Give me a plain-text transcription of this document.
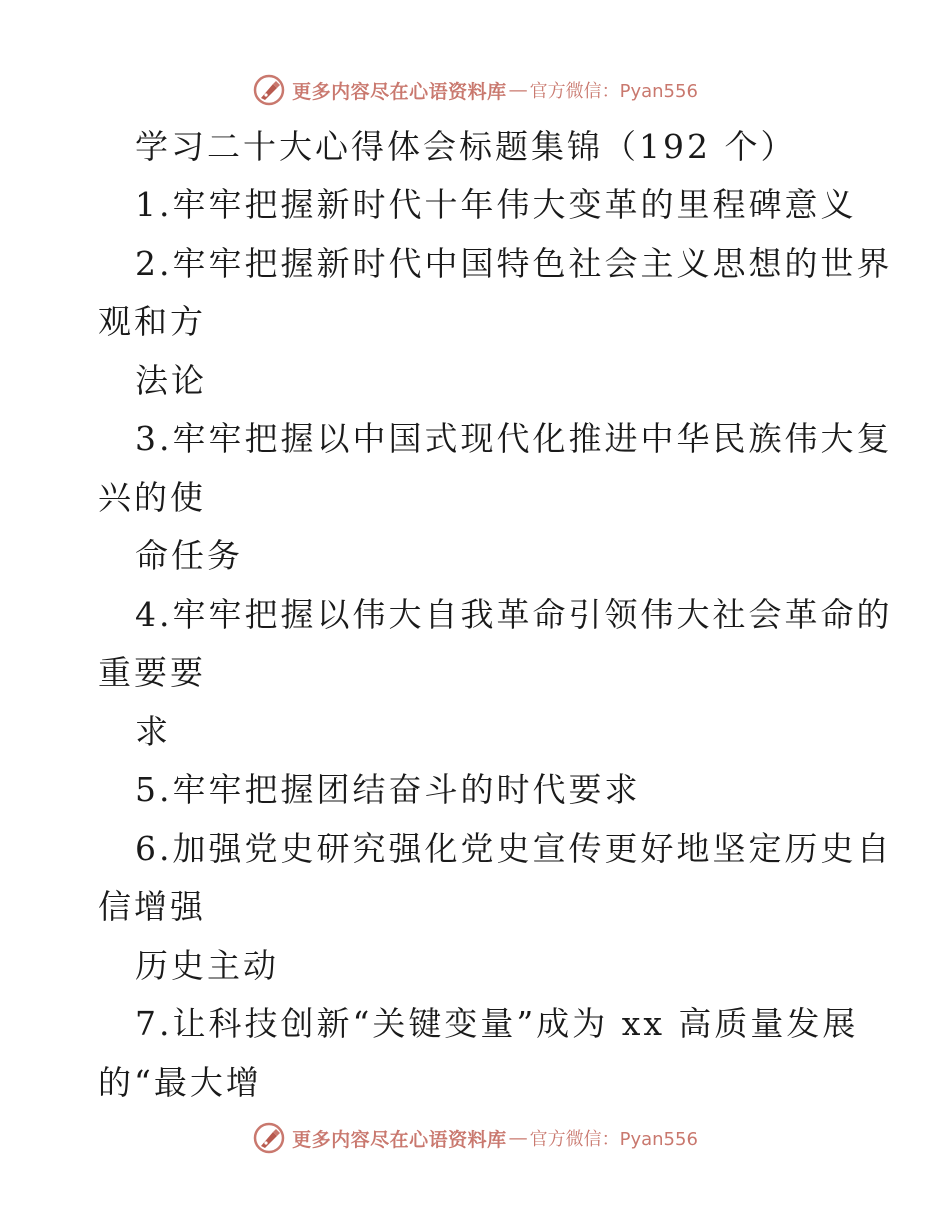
更多内容尽在心语资料库 — 官方微信：Pyan556
学习二十大心得体会标题集锦（192 个）
1.牢牢把握新时代十年伟大变革的里程碑意义
2.牢牢把握新时代中国特色社会主义思想的世界
观和方
法论
3.牢牢把握以中国式现代化推进中华民族伟大复
兴的使
命任务
4.牢牢把握以伟大自我革命引领伟大社会革命的
重要要
求
5.牢牢把握团结奋斗的时代要求
6.加强党史研究强化党史宣传更好地坚定历史自
信增强
历史主动
7.让科技创新“关键变量”成为 xx 高质量发展
的“最大增
更多内容尽在心语资料库 — 官方微信：Pyan556
